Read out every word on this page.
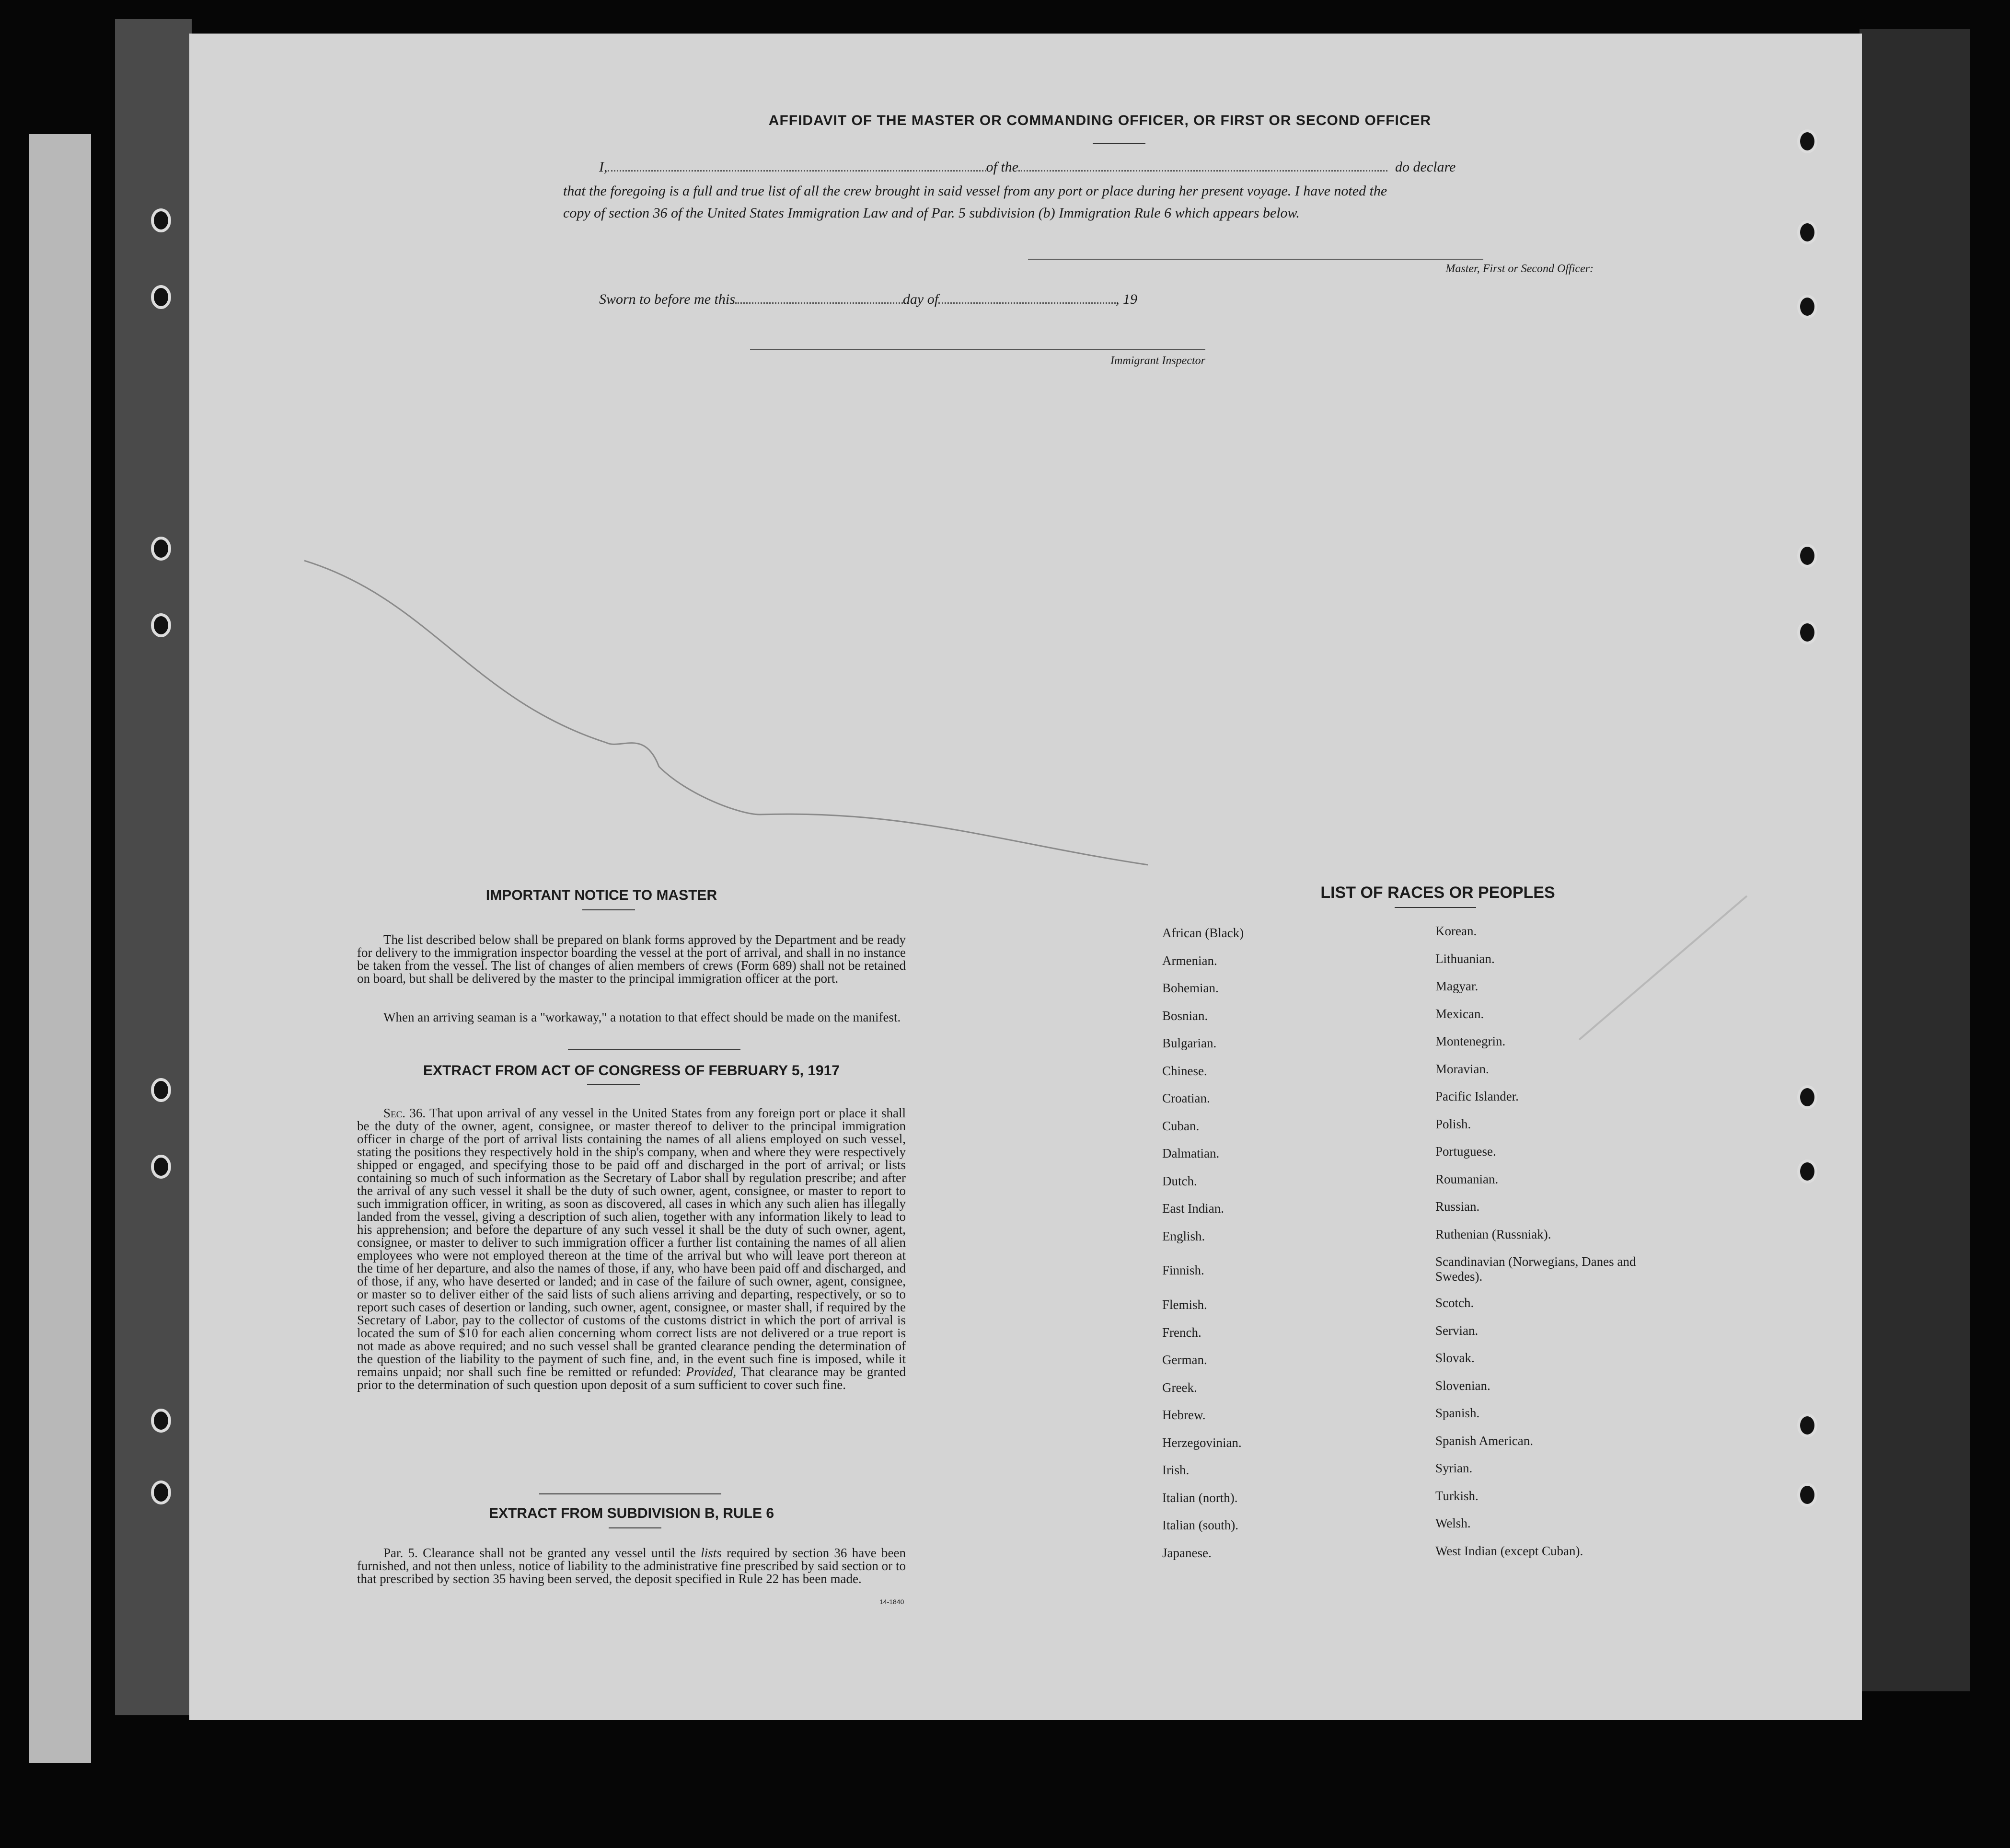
AFFIDAVIT OF THE MASTER OR COMMANDING OFFICER, OR FIRST OR SECOND OFFICER
I,	of the	do declare
that the foregoing is a full and true list of all the crew brought in said vessel from any port or place during her present voyage. I have noted the
copy of section 36 of the United States Immigration Law and of Par. 5 subdivision (b) Immigration Rule 6 which appears below.
Master, First or Second Officer:
Sworn to before me this	day of	, 19
Immigrant Inspector
IMPORTANT NOTICE TO MASTER
The list described below shall be prepared on blank forms approved by the Department and be ready for delivery to the immigration inspector boarding the vessel at the port of arrival, and shall in no instance be taken from the vessel. The list of changes of alien members of crews (Form 689) shall not be retained on board, but shall be delivered by the master to the principal immigration officer at the port.
When an arriving seaman is a "workaway," a notation to that effect should be made on the manifest.
EXTRACT FROM ACT OF CONGRESS OF FEBRUARY 5, 1917
Sec. 36. That upon arrival of any vessel in the United States from any foreign port or place it shall be the duty of the owner, agent, consignee, or master thereof to deliver to the principal immigration officer in charge of the port of arrival lists containing the names of all aliens employed on such vessel, stating the positions they respectively hold in the ship's company, when and where they were respectively shipped or engaged, and specifying those to be paid off and discharged in the port of arrival; or lists containing so much of such information as the Secretary of Labor shall by regulation prescribe; and after the arrival of any such vessel it shall be the duty of such owner, agent, consignee, or master to report to such immigration officer, in writing, as soon as discovered, all cases in which any such alien has illegally landed from the vessel, giving a description of such alien, together with any information likely to lead to his apprehension; and before the departure of any such vessel it shall be the duty of such owner, agent, consignee, or master to deliver to such immigration officer a further list containing the names of all alien employees who were not employed thereon at the time of the arrival but who will leave port thereon at the time of her departure, and also the names of those, if any, who have been paid off and discharged, and of those, if any, who have deserted or landed; and in case of the failure of such owner, agent, consignee, or master so to deliver either of the said lists of such aliens arriving and departing, respectively, or so to report such cases of desertion or landing, such owner, agent, consignee, or master shall, if required by the Secretary of Labor, pay to the collector of customs of the customs district in which the port of arrival is located the sum of $10 for each alien concerning whom correct lists are not delivered or a true report is not made as above required; and no such vessel shall be granted clearance pending the determination of the question of the liability to the payment of such fine, and, in the event such fine is imposed, while it remains unpaid; nor shall such fine be remitted or refunded: Provided, That clearance may be granted prior to the determination of such question upon deposit of a sum sufficient to cover such fine.
EXTRACT FROM SUBDIVISION B, RULE 6
Par. 5. Clearance shall not be granted any vessel until the lists required by section 36 have been furnished, and not then unless, notice of liability to the administrative fine prescribed by said section or to that prescribed by section 35 having been served, the deposit specified in Rule 22 has been made.
14-1840
LIST OF RACES OR PEOPLES
African (Black)
Armenian.
Bohemian.
Bosnian.
Bulgarian.
Chinese.
Croatian.
Cuban.
Dalmatian.
Dutch.
East Indian.
English.
Finnish.
Flemish.
French.
German.
Greek.
Hebrew.
Herzegovinian.
Irish.
Italian (north).
Italian (south).
Japanese.
Korean.
Lithuanian.
Magyar.
Mexican.
Montenegrin.
Moravian.
Pacific Islander.
Polish.
Portuguese.
Roumanian.
Russian.
Ruthenian (Russniak).
Scandinavian (Norwegians, Danes and Swedes).
Scotch.
Servian.
Slovak.
Slovenian.
Spanish.
Spanish American.
Syrian.
Turkish.
Welsh.
West Indian (except Cuban).
